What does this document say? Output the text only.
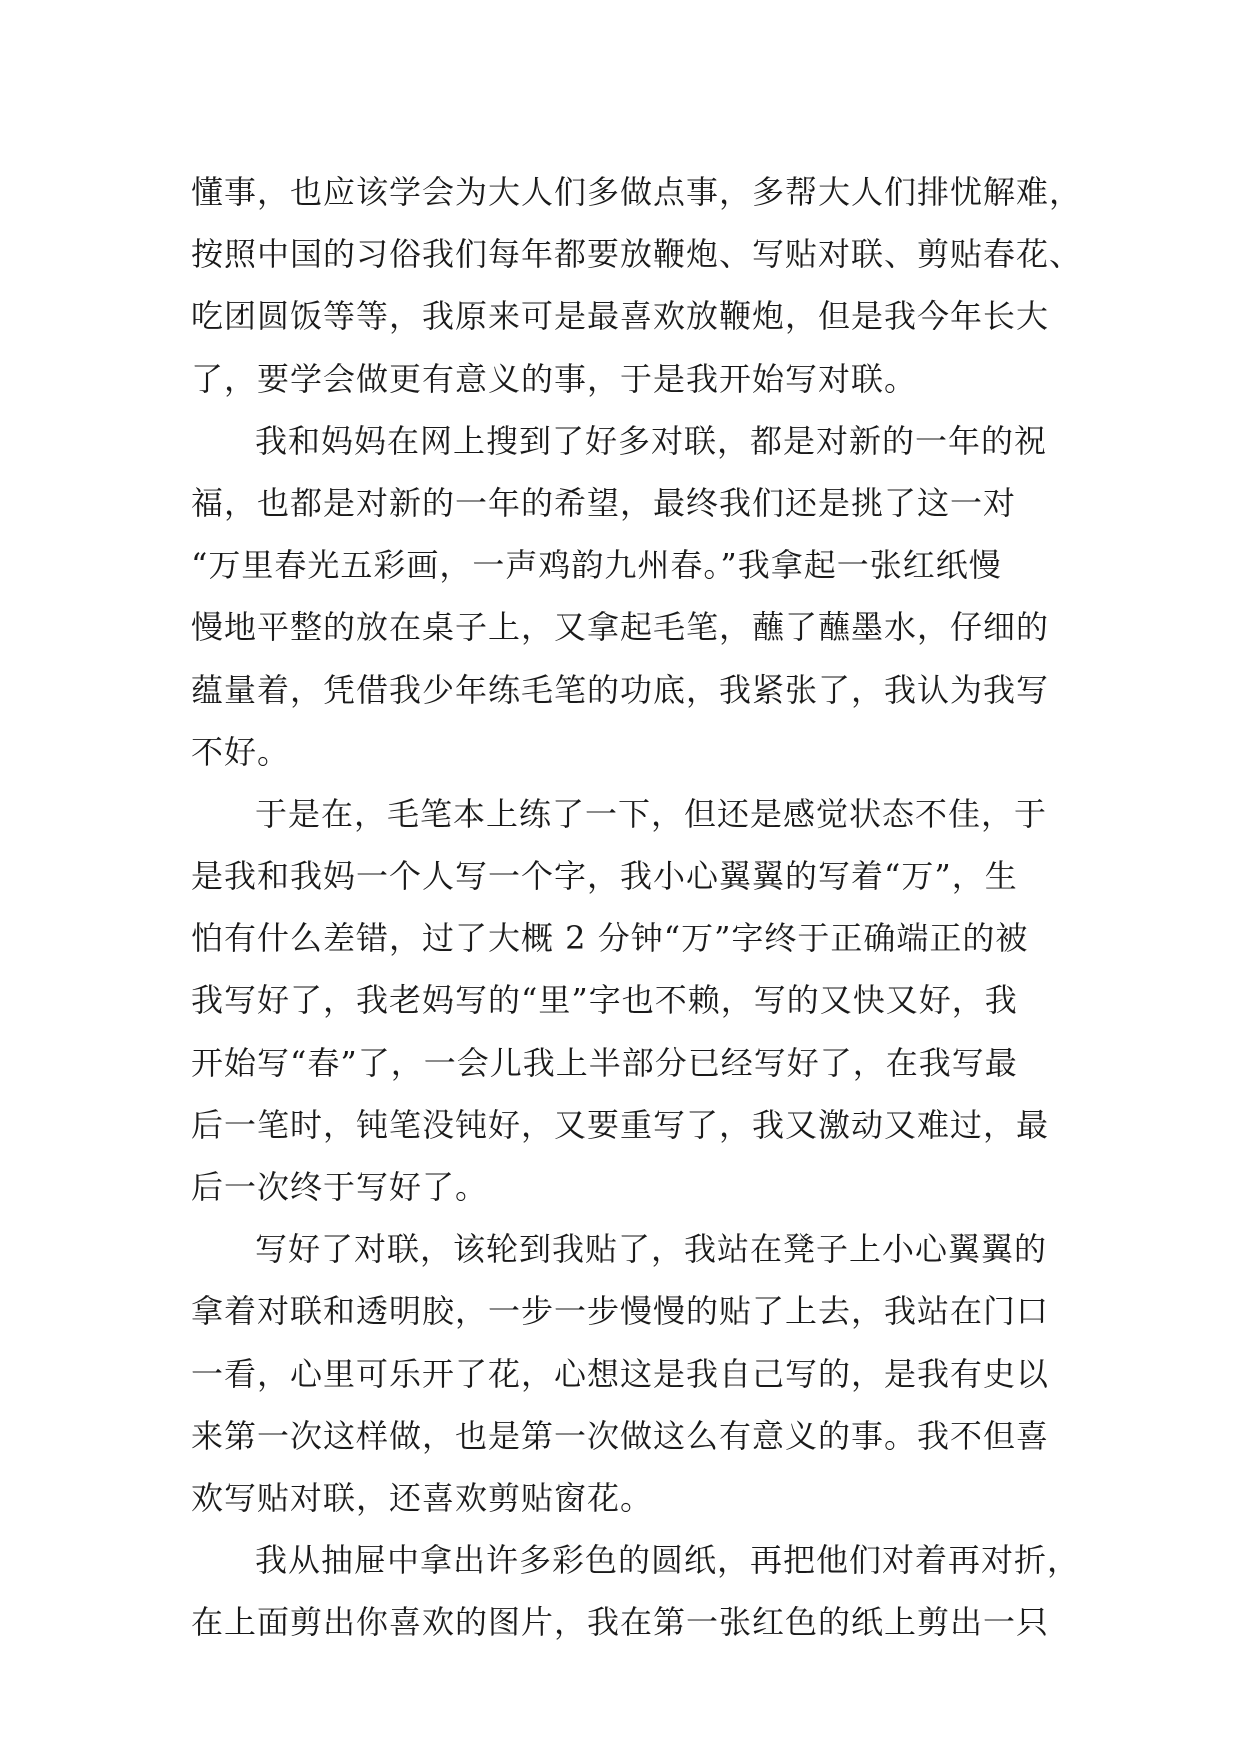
懂事，也应该学会为大人们多做点事，多帮大人们排忧解难，
按照中国的习俗我们每年都要放鞭炮、写贴对联、剪贴春花、
吃团圆饭等等，我原来可是最喜欢放鞭炮，但是我今年长大
了，要学会做更有意义的事，于是我开始写对联。
我和妈妈在网上搜到了好多对联，都是对新的一年的祝
福，也都是对新的一年的希望，最终我们还是挑了这一对
“万里春光五彩画，一声鸡韵九州春。”我拿起一张红纸慢
慢地平整的放在桌子上，又拿起毛笔，蘸了蘸墨水，仔细的
蕴量着，凭借我少年练毛笔的功底，我紧张了，我认为我写
不好。
于是在，毛笔本上练了一下，但还是感觉状态不佳，于
是我和我妈一个人写一个字，我小心翼翼的写着“万”，生
怕有什么差错，过了大概 2 分钟“万”字终于正确端正的被
我写好了，我老妈写的“里”字也不赖，写的又快又好，我
开始写“春”了，一会儿我上半部分已经写好了，在我写最
后一笔时，钝笔没钝好，又要重写了，我又激动又难过，最
后一次终于写好了。
写好了对联，该轮到我贴了，我站在凳子上小心翼翼的
拿着对联和透明胶，一步一步慢慢的贴了上去，我站在门口
一看，心里可乐开了花，心想这是我自己写的，是我有史以
来第一次这样做，也是第一次做这么有意义的事。我不但喜
欢写贴对联，还喜欢剪贴窗花。
我从抽屉中拿出许多彩色的圆纸，再把他们对着再对折，
在上面剪出你喜欢的图片，我在第一张红色的纸上剪出一只
